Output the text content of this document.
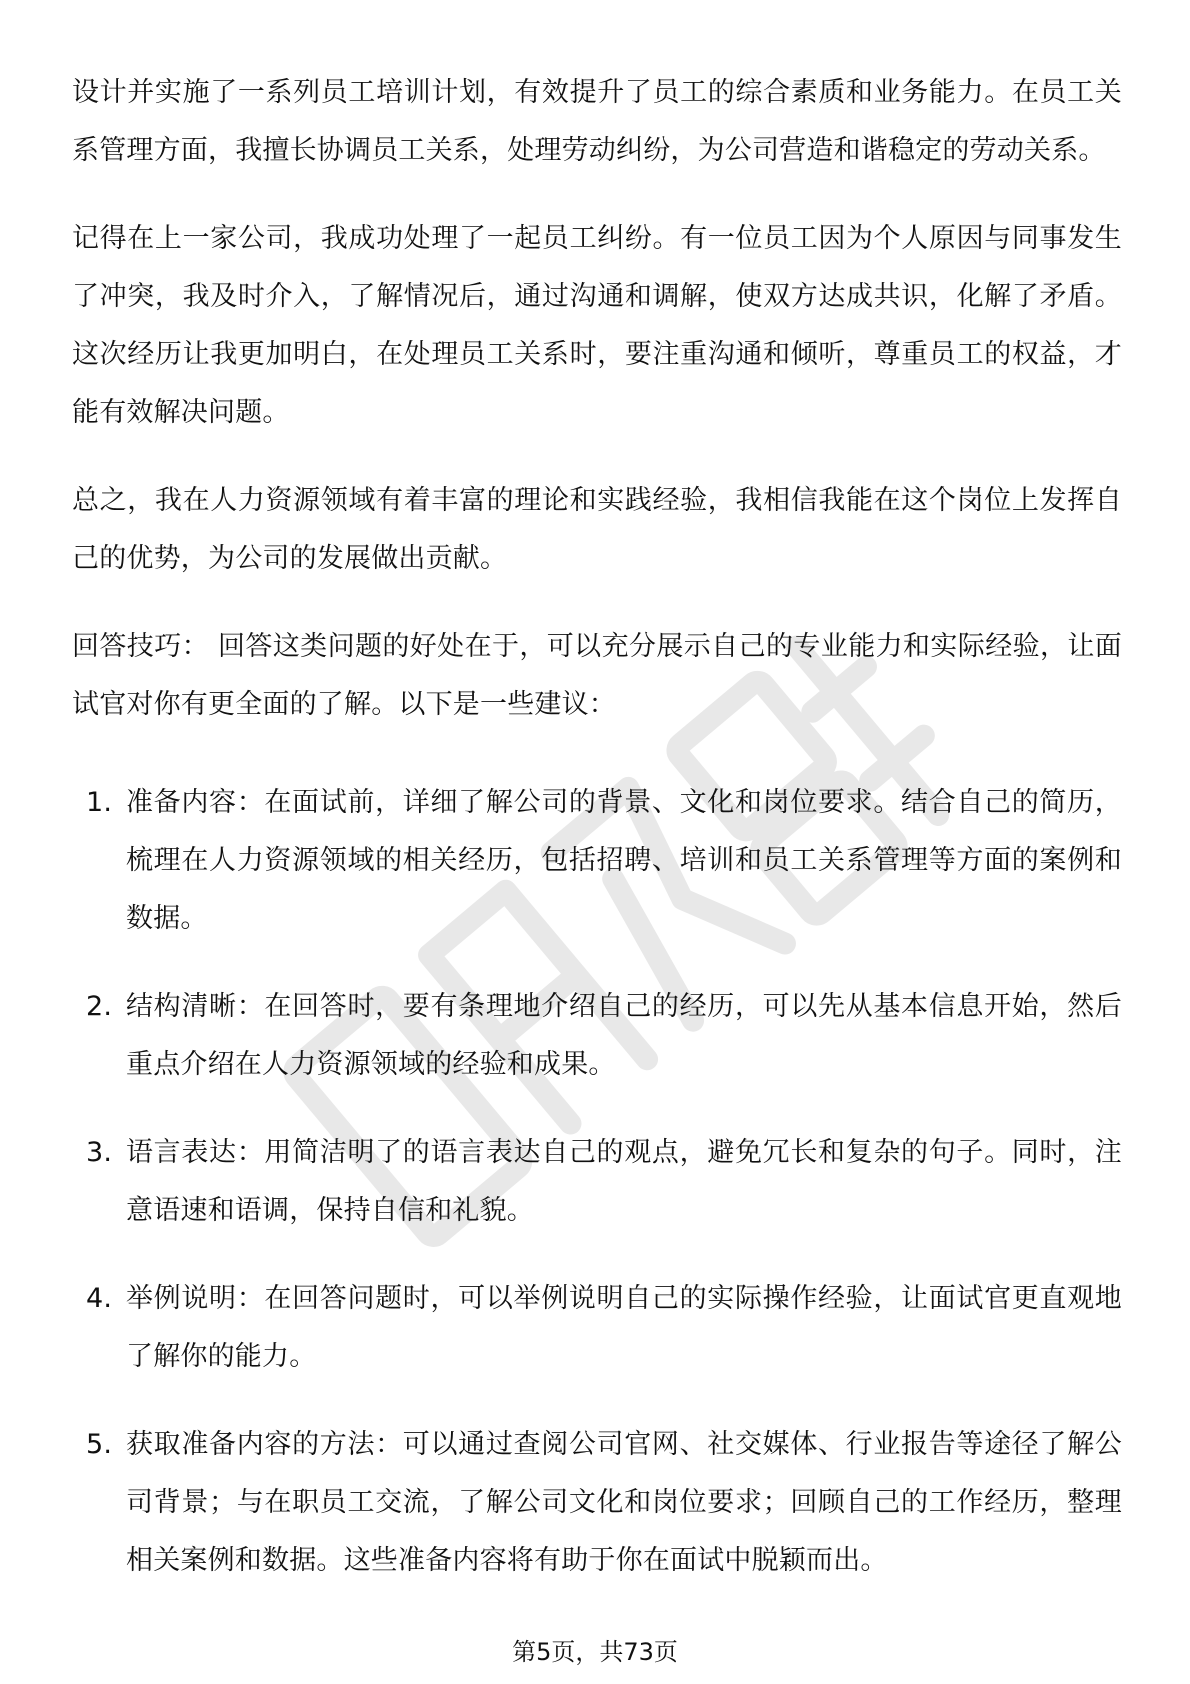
设计并实施了一系列员工培训计划，有效提升了员工的综合素质和业务能力。在员工关系管理方面，我擅长协调员工关系，处理劳动纠纷，为公司营造和谐稳定的劳动关系。

记得在上一家公司，我成功处理了一起员工纠纷。有一位员工因为个人原因与同事发生了冲突，我及时介入，了解情况后，通过沟通和调解，使双方达成共识，化解了矛盾。这次经历让我更加明白，在处理员工关系时，要注重沟通和倾听，尊重员工的权益，才能有效解决问题。

总之，我在人力资源领域有着丰富的理论和实践经验，我相信我能在这个岗位上发挥自己的优势，为公司的发展做出贡献。

回答技巧： 回答这类问题的好处在于，可以充分展示自己的专业能力和实际经验，让面试官对你有更全面的了解。以下是一些建议：

1. 准备内容：在面试前，详细了解公司的背景、文化和岗位要求。结合自己的简历，梳理在人力资源领域的相关经历，包括招聘、培训和员工关系管理等方面的案例和数据。
2. 结构清晰：在回答时，要有条理地介绍自己的经历，可以先从基本信息开始，然后重点介绍在人力资源领域的经验和成果。
3. 语言表达：用简洁明了的语言表达自己的观点，避免冗长和复杂的句子。同时，注意语速和语调，保持自信和礼貌。
4. 举例说明：在回答问题时，可以举例说明自己的实际操作经验，让面试官更直观地了解你的能力。
5. 获取准备内容的方法：可以通过查阅公司官网、社交媒体、行业报告等途径了解公司背景；与在职员工交流，了解公司文化和岗位要求；回顾自己的工作经历，整理相关案例和数据。这些准备内容将有助于你在面试中脱颖而出。
第5页，共73页
